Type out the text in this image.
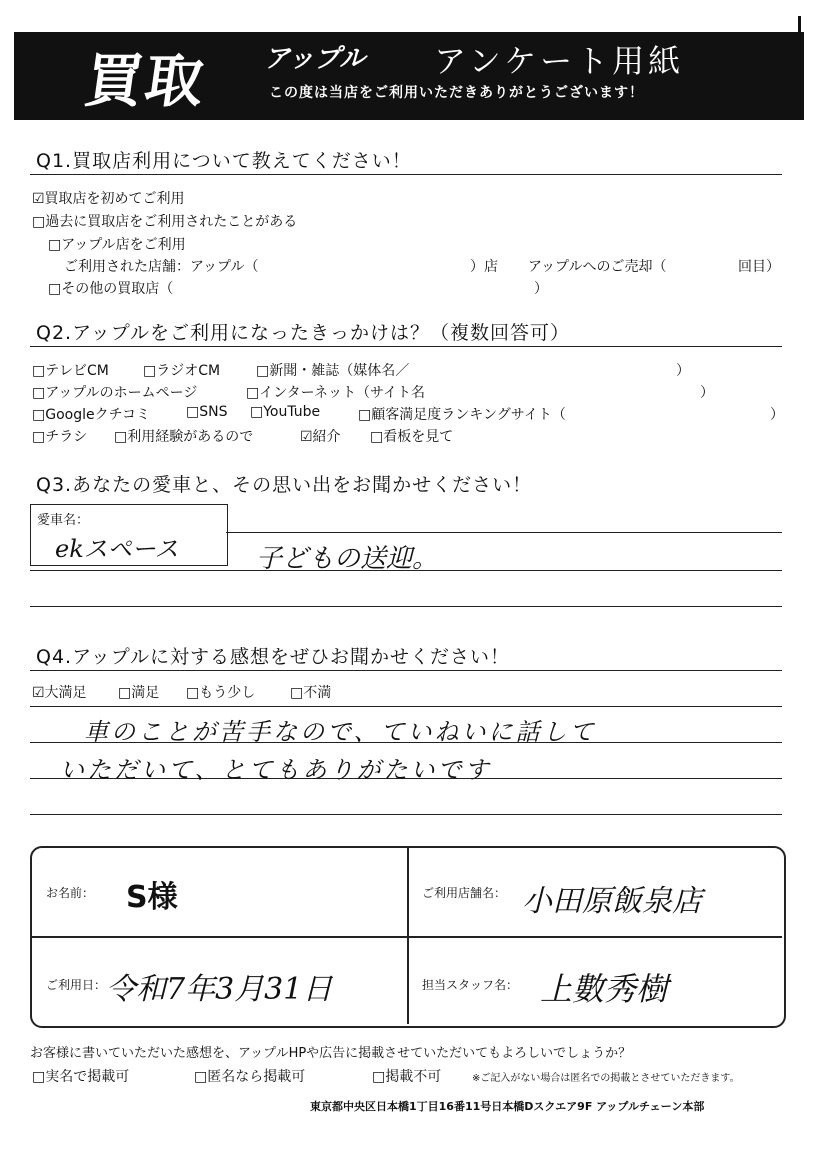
買取 アップル アンケート用紙
この度は当店をご利用いただきありがとうございます！
Q1.買取店利用について教えてください！
☑買取店を初めてご利用
□過去に買取店をご利用されたことがある
□アップル店をご利用
ご利用された店舗：アップル（	）店 アップルへのご売却（	回目）
□その他の買取店（	）
Q2.アップルをご利用になったきっかけは？（複数回答可）
□テレビCM □ラジオCM	□新聞・雑誌（媒体名／	）
□アップルのホームページ	□インターネット（サイト名	）
□Googleクチコミ	□SNS □YouTube	□顧客満足度ランキングサイト（	）
□チラシ □利用経験があるので	☑紹介 □看板を見て
Q3.あなたの愛車と、その思い出をお聞かせください！
愛車名：
ekスペース	子どもの送迎。
Q4.アップルに対する感想をぜひお聞かせください！
☑大満足 □満足 □もう少し □不満
車のことが苦手なので、ていねいに話して
いただいて、とてもありがたいです
お名前： S様	ご利用店舗名： 小田原飯泉店
ご利用日： 令和7年3月31日	担当スタッフ名： 上數秀樹
お客様に書いていただいた感想を、アップルHPや広告に掲載させていただいてもよろしいでしょうか？
□実名で掲載可	□匿名なら掲載可	□掲載不可	※ご記入がない場合は匿名での掲載とさせていただきます。
東京都中央区日本橋1丁目16番11号日本橋Dスクエア9F アップルチェーン本部
